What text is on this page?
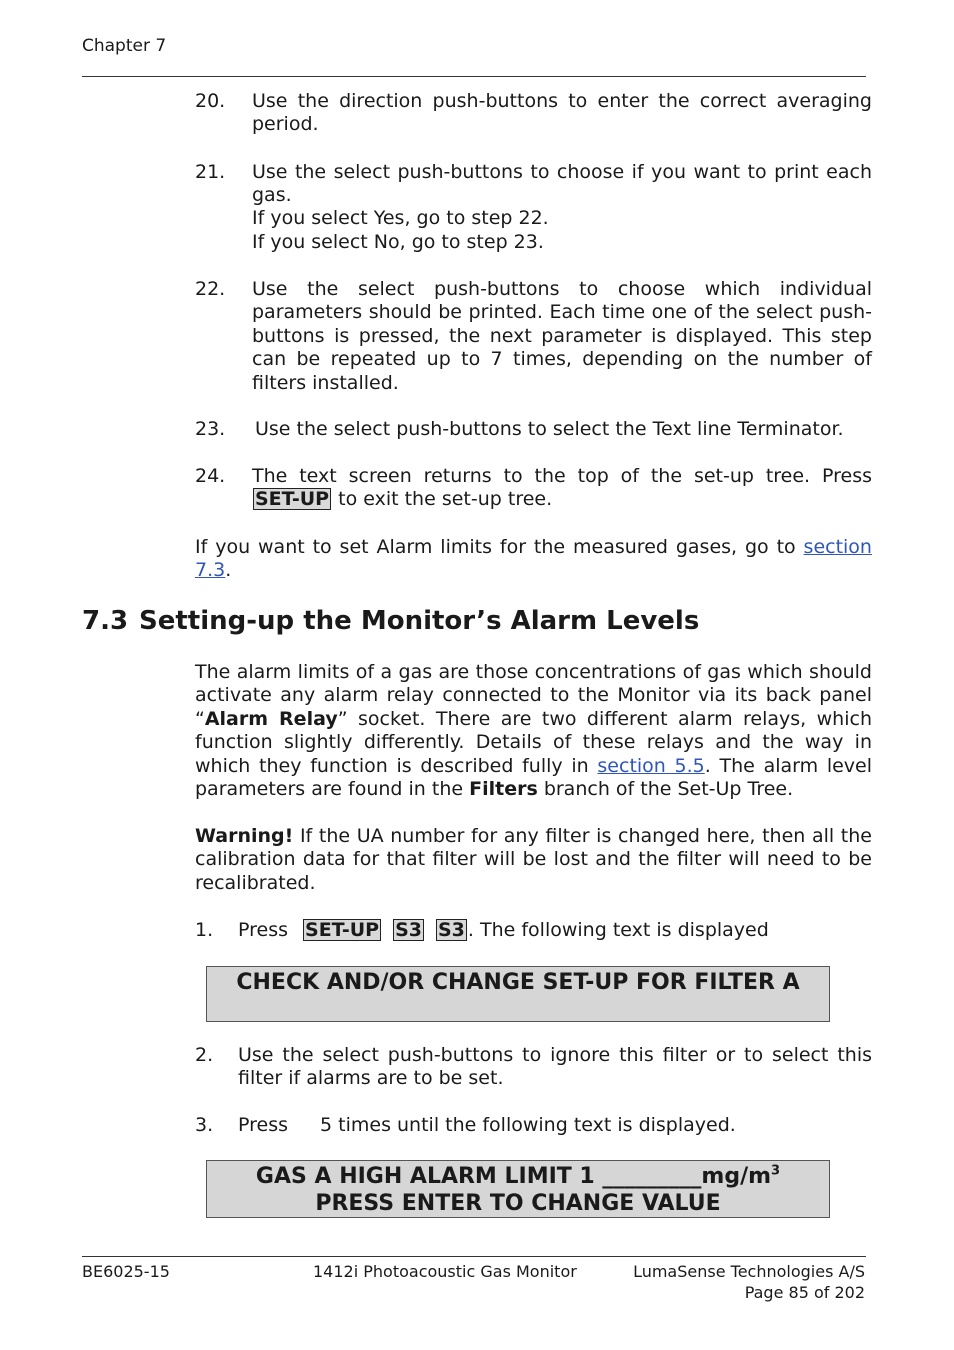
Chapter 7
20. Use the direction push-buttons to enter the correct averaging period.
21. Use the select push-buttons to choose if you want to print each gas.
If you select Yes, go to step 22.
If you select No, go to step 23.
22. Use the select push-buttons to choose which individual parameters should be printed. Each time one of the select push-buttons is pressed, the next parameter is displayed. This step can be repeated up to 7 times, depending on the number of filters installed.
23. Use the select push-buttons to select the Text line Terminator.
24. The text screen returns to the top of the set-up tree. Press SET-UP to exit the set-up tree.
If you want to set Alarm limits for the measured gases, go to section 7.3.
7.3 Setting-up the Monitor’s Alarm Levels
The alarm limits of a gas are those concentrations of gas which should activate any alarm relay connected to the Monitor via its back panel “Alarm Relay” socket. There are two different alarm relays, which function slightly differently. Details of these relays and the way in which they function is described fully in section 5.5. The alarm level parameters are found in the Filters branch of the Set-Up Tree.
Warning! If the UA number for any filter is changed here, then all the calibration data for that filter will be lost and the filter will need to be recalibrated.
1. Press SET-UP S3 S3 . The following text is displayed
CHECK AND/OR CHANGE SET-UP FOR FILTER A
2. Use the select push-buttons to ignore this filter or to select this filter if alarms are to be set.
3. Press 5 times until the following text is displayed.
GAS A HIGH ALARM LIMIT 1 $\_\_\_\_\_\_\_\_\_mg/m^3$
PRESS ENTER TO CHANGE VALUE
BE6025-15	1412i Photoacoustic Gas Monitor	LumaSense Technologies A/S
Page 85 of 202
